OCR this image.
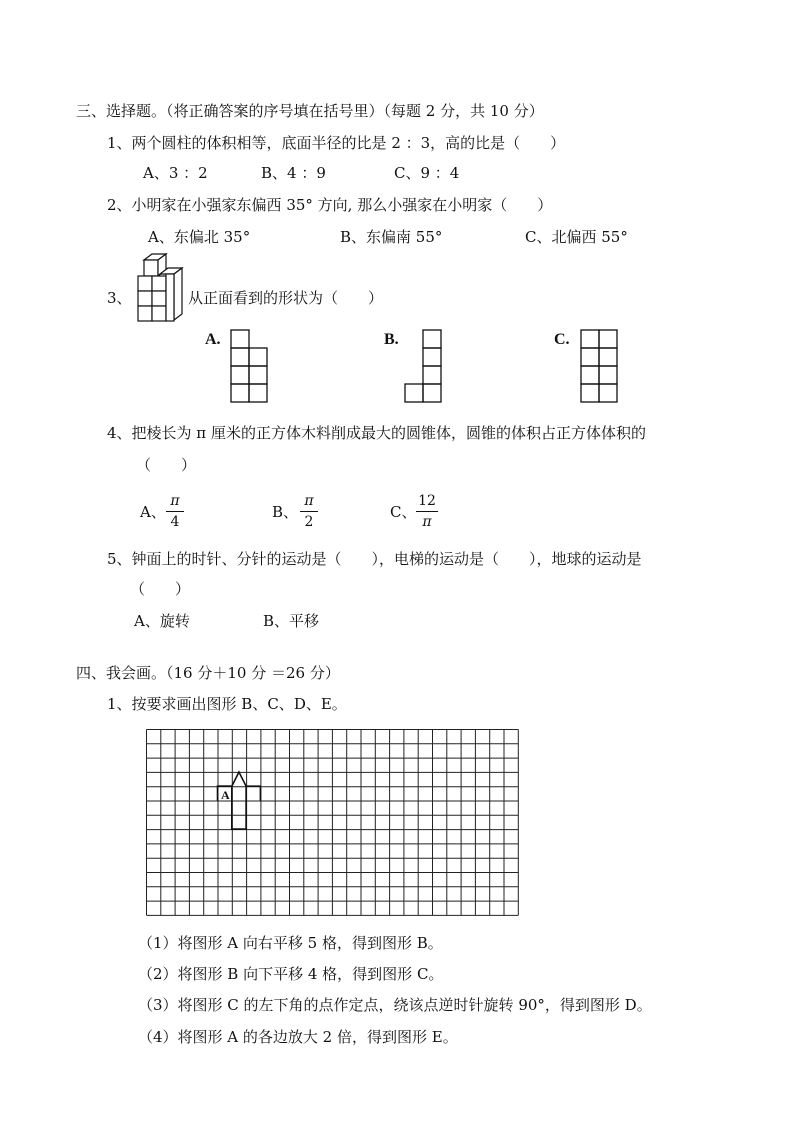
三、选择题。（将正确答案的序号填在括号里）（每题 2 分，共 10 分）
1、两个圆柱的体积相等，底面半径的比是 2 ：3，高的比是（　　）
A、3 ：2	B、4 ：9	C、9 ：4
2、小明家在小强家东偏西 35° 方向, 那么小强家在小明家（　　）
A、东偏北 35°	B、东偏南 55°	C、北偏西 55°
3、	从正面看到的形状为（　　）
A.	B.	C.
4、把棱长为 π 厘米的正方体木料削成最大的圆锥体，圆锥的体积占正方体体积的
（　　）
A、
π
4
B、
π
2
C、
12
π
5、钟面上的时针、分针的运动是（　　），电梯的运动是（　　），地球的运动是
（　　）
A、旋转	B、平移
四、我会画。（16 分＋10 分 ＝26 分）
1、按要求画出图形 B、C、D、E。
A
（1）将图形 A 向右平移 5 格，得到图形 B。
（2）将图形 B 向下平移 4 格，得到图形 C。
（3）将图形 C 的左下角的点作定点，绕该点逆时针旋转 90°，得到图形 D。
（4）将图形 A 的各边放大 2 倍，得到图形 E。
